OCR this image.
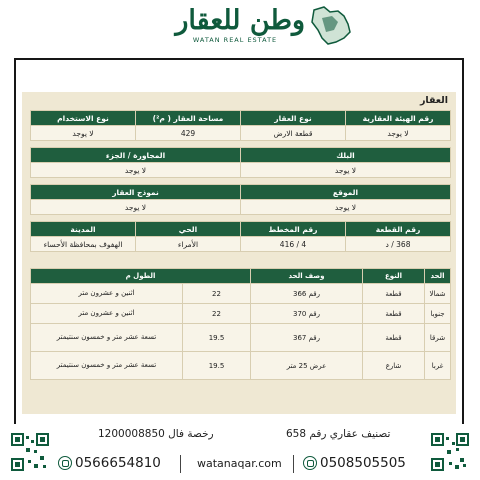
وطن للعقار
WATAN REAL ESTATE
العقار
رقم الهيئة العقارية	نوع العقار	مساحة العقار ( م²)	نوع الاستخدام
لا يوجد	قطعة الارض	429	لا يوجد

البلك		المجاورة / الجزء	
لا يوجد		لا يوجد	

الموقع		نموذج العقار	
لا يوجد		لا يوجد	

رقم القطعة	رقم المخطط	الحي	المدينة
368 / د	4 / 416	الأمراء	الهفوف بمحافظة الأحساء
الحد	النوع	وصف الحد	الطول م	
شمالا	قطعة	رقم 366	22	اثنين و عشرون متر
جنوبا	قطعة	رقم 370	22	اثنين و عشرون متر
شرقا	قطعة	رقم 367	19.5	تسعة عشر متر و خمسون سنتيمتر
غربا	شارع	عرض 25 متر	19.5	تسعة عشر متر و خمسون سنتيمتر
رخصة فال 1200008850	تصنيف عقاري رقم 658
0566654810	watanaqar.com	0508505505
